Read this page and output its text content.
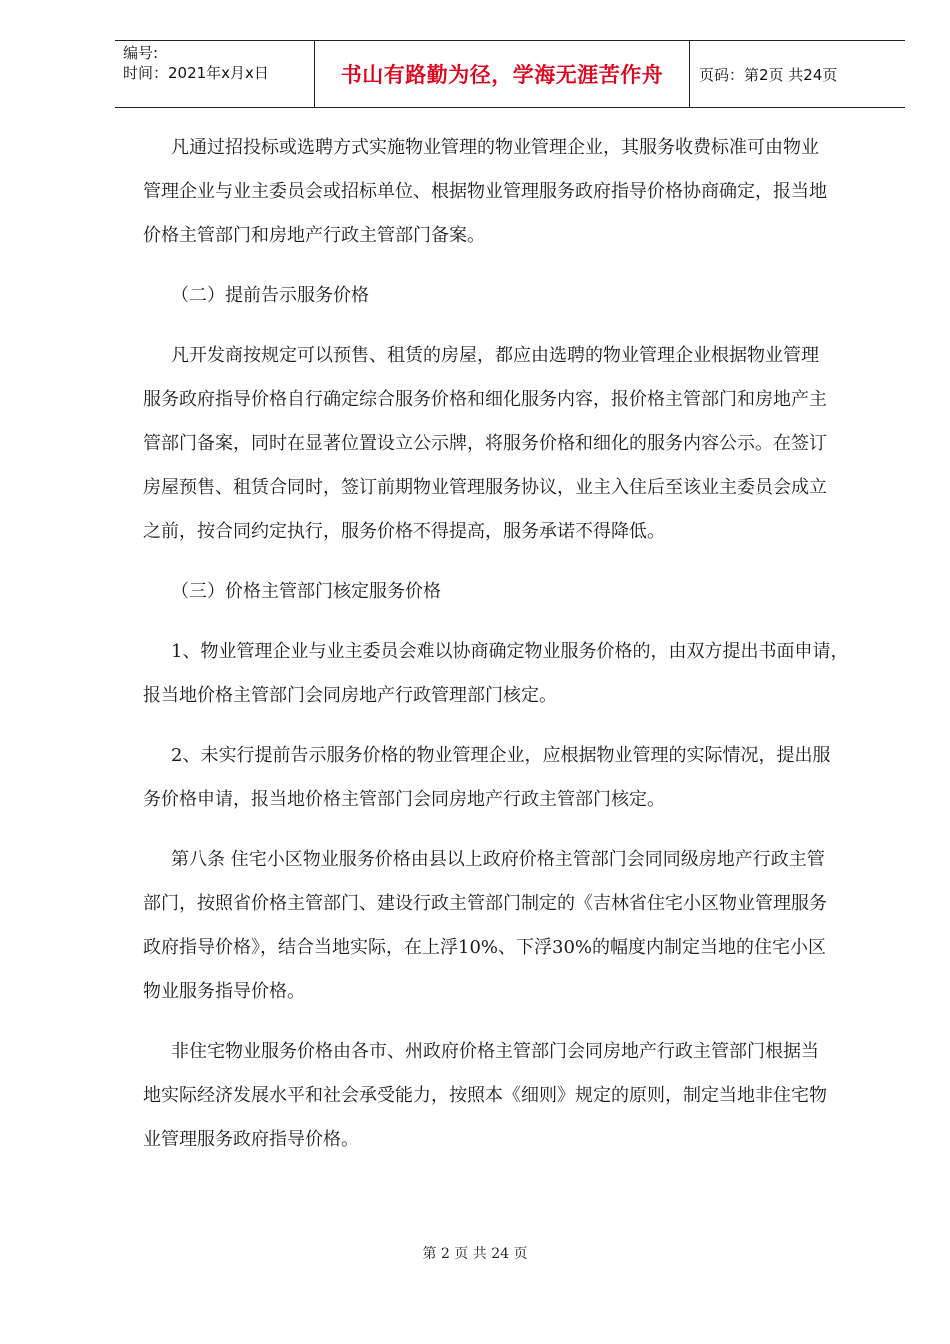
编号:
时间：2021年x月x日	书山有路勤为径，学海无涯苦作舟	页码：第2页 共24页
凡通过招投标或选聘方式实施物业管理的物业管理企业，其服务收费标准可由物业
管理企业与业主委员会或招标单位、根据物业管理服务政府指导价格协商确定，报当地
价格主管部门和房地产行政主管部门备案。
（二）提前告示服务价格
凡开发商按规定可以预售、租赁的房屋，都应由选聘的物业管理企业根据物业管理
服务政府指导价格自行确定综合服务价格和细化服务内容，报价格主管部门和房地产主
管部门备案，同时在显著位置设立公示牌，将服务价格和细化的服务内容公示。在签订
房屋预售、租赁合同时，签订前期物业管理服务协议，业主入住后至该业主委员会成立
之前，按合同约定执行，服务价格不得提高，服务承诺不得降低。
（三）价格主管部门核定服务价格
1、物业管理企业与业主委员会难以协商确定物业服务价格的，由双方提出书面申请，
报当地价格主管部门会同房地产行政管理部门核定。
2、未实行提前告示服务价格的物业管理企业，应根据物业管理的实际情况，提出服
务价格申请，报当地价格主管部门会同房地产行政主管部门核定。
第八条 住宅小区物业服务价格由县以上政府价格主管部门会同同级房地产行政主管
部门，按照省价格主管部门、建设行政主管部门制定的《吉林省住宅小区物业管理服务
政府指导价格》，结合当地实际，在上浮10%、下浮30%的幅度内制定当地的住宅小区
物业服务指导价格。
非住宅物业服务价格由各市、州政府价格主管部门会同房地产行政主管部门根据当
地实际经济发展水平和社会承受能力，按照本《细则》规定的原则，制定当地非住宅物
业管理服务政府指导价格。
第 2 页 共 24 页
